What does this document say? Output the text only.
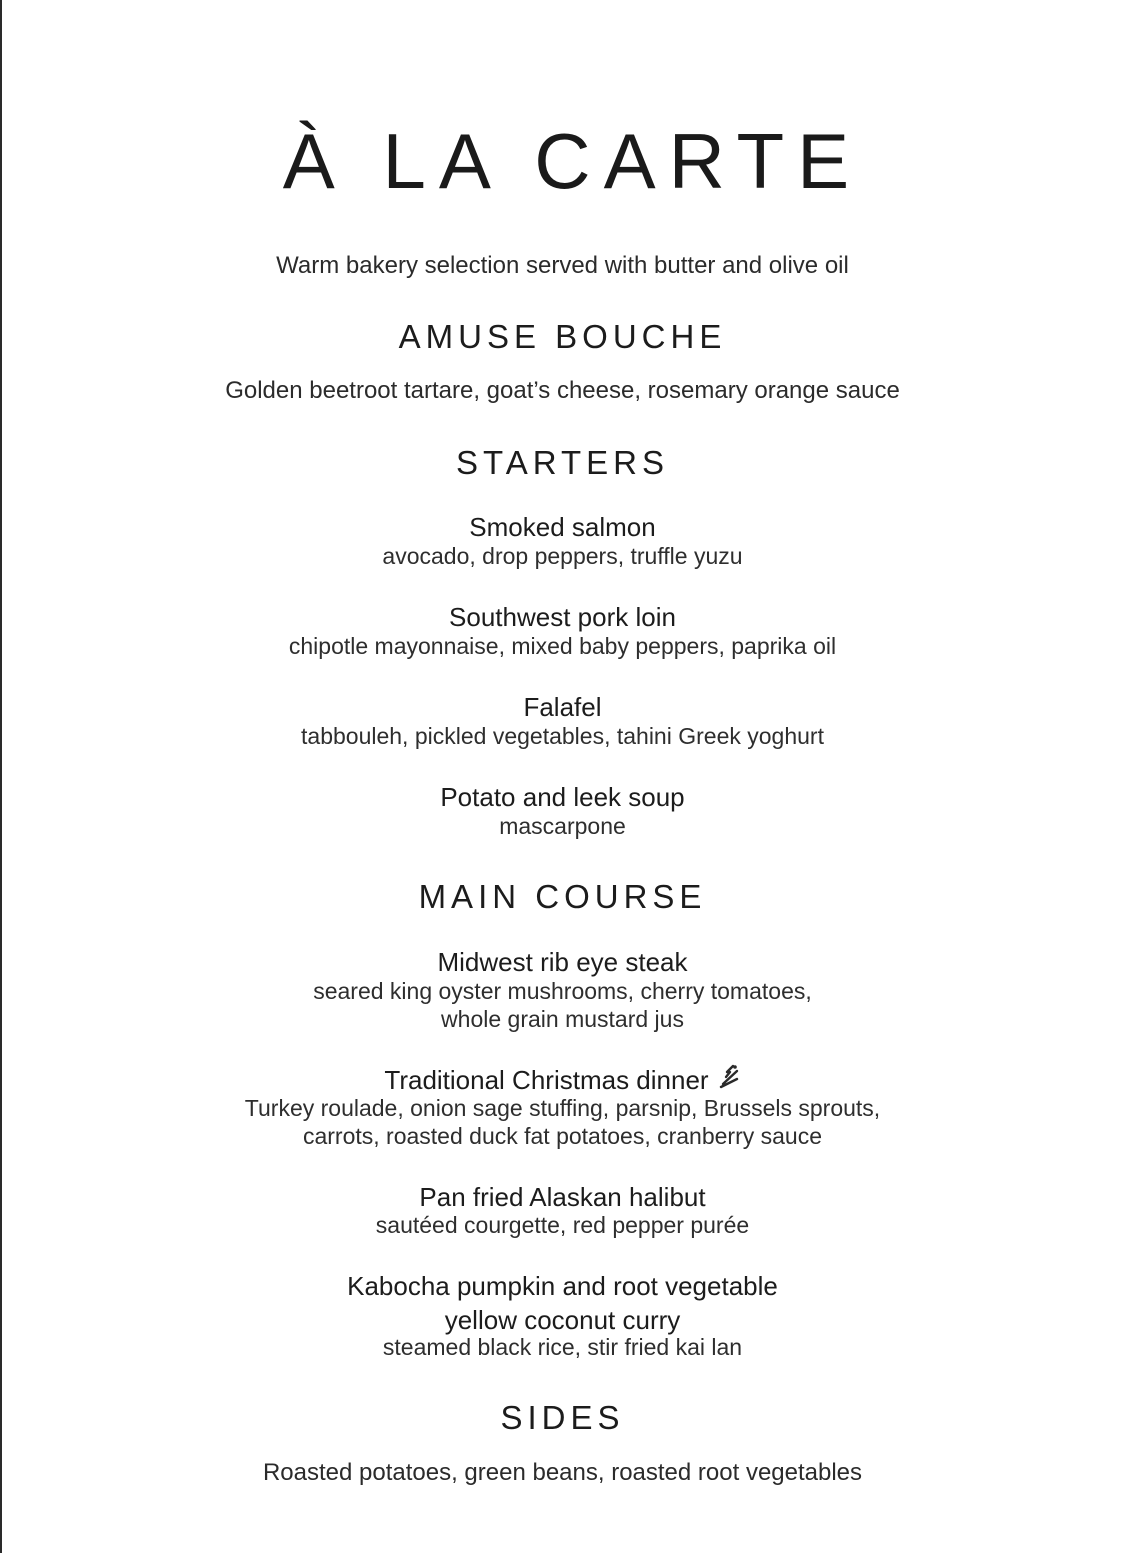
À LA CARTE
Warm bakery selection served with butter and olive oil
AMUSE BOUCHE
Golden beetroot tartare, goat’s cheese, rosemary orange sauce
STARTERS
Smoked salmon
avocado, drop peppers, truffle yuzu
Southwest pork loin
chipotle mayonnaise, mixed baby peppers, paprika oil
Falafel
tabbouleh, pickled vegetables, tahini Greek yoghurt
Potato and leek soup
mascarpone
MAIN COURSE
Midwest rib eye steak
seared king oyster mushrooms, cherry tomatoes,
whole grain mustard jus
Traditional Christmas dinner
Turkey roulade, onion sage stuffing, parsnip, Brussels sprouts,
carrots, roasted duck fat potatoes, cranberry sauce
Pan fried Alaskan halibut
sautéed courgette, red pepper purée
Kabocha pumpkin and root vegetable
yellow coconut curry
steamed black rice, stir fried kai lan
SIDES
Roasted potatoes, green beans, roasted root vegetables
